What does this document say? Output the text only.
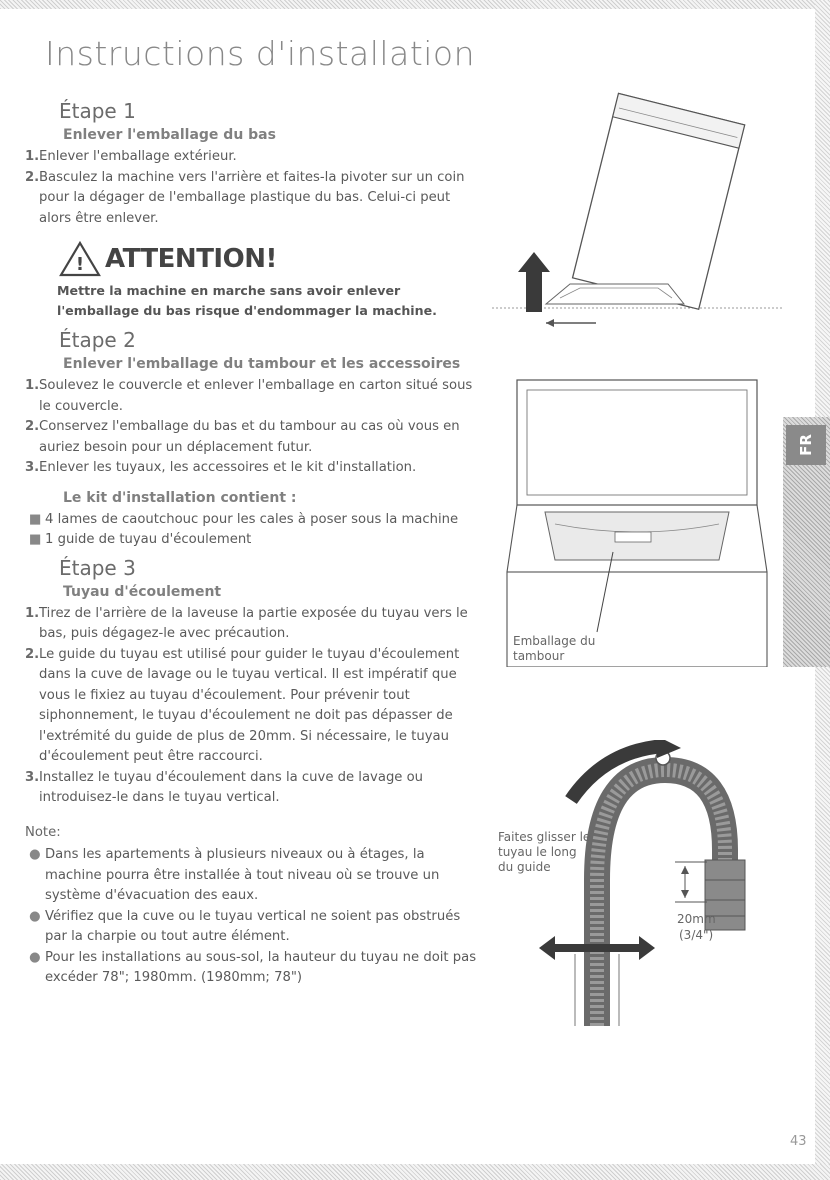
FR
Instructions d'installation
Étape 1
Enlever l'emballage du bas
1. Enlever l'emballage extérieur.
2. Basculez la machine vers l'arrière et faites-la pivoter sur un coin pour la dégager de l'emballage plastique du bas. Celui-ci peut alors être enlever.
! ATTENTION!
Mettre la machine en marche sans avoir enlever l'emballage du bas risque d'endommager la machine.
Étape 2
Enlever l'emballage du tambour et les accessoires
1. Soulevez le couvercle et enlever l'emballage en carton situé sous le couvercle.
2. Conservez l'emballage du bas et du tambour au cas où vous en auriez besoin pour un déplacement futur.
3. Enlever les tuyaux, les accessoires et le kit d'installation.
Le kit d'installation contient :
■ 4 lames de caoutchouc pour les cales à poser sous la machine
■ 1 guide de tuyau d'écoulement
Étape 3
Tuyau d'écoulement
1. Tirez de l'arrière de la laveuse la partie exposée du tuyau vers le bas, puis dégagez-le avec précaution.
2. Le guide du tuyau est utilisé pour guider le tuyau d'écoulement dans la cuve de lavage ou le tuyau vertical. Il est impératif que vous le fixiez au tuyau d'écoulement. Pour prévenir tout siphonnement, le tuyau d'écoulement ne doit pas dépasser de l'extrémité du guide de plus de 20mm. Si nécessaire, le tuyau d'écoulement peut être raccourci.
3. Installez le tuyau d'écoulement dans la cuve de lavage ou introduisez-le dans le tuyau vertical.
Note:
● Dans les apartements à plusieurs niveaux ou à étages, la machine pourra être installée à tout niveau où se trouve un système d'évacuation des eaux.
● Vérifiez que la cuve ou le tuyau vertical ne soient pas obstrués par la charpie ou tout autre élément.
● Pour les installations au sous-sol, la hauteur du tuyau ne doit pas excéder 78"; 1980mm. (1980mm; 78")
Emballage du tambour
Faites glisser le tuyau le long du guide
20mm
(3/4")
43
